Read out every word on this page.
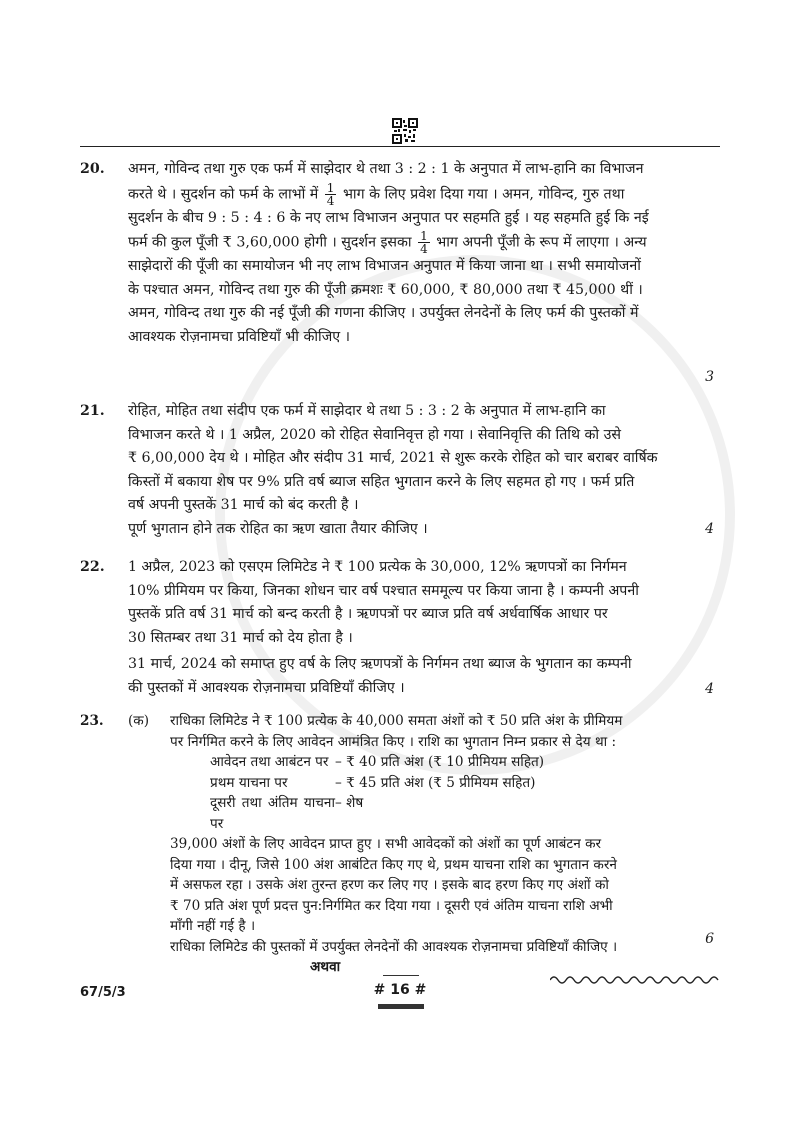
20. अमन, गोविन्द तथा गुरु एक फर्म में साझेदार थे तथा 3 : 2 : 1 के अनुपात में लाभ-हानि का विभाजन
करते थे । सुदर्शन को फर्म के लाभों में $\frac{1}{4}$ भाग के लिए प्रवेश दिया गया । अमन, गोविन्द, गुरु तथा
सुदर्शन के बीच 9 : 5 : 4 : 6 के नए लाभ विभाजन अनुपात पर सहमति हुई । यह सहमति हुई कि नई
फर्म की कुल पूँजी ₹ 3,60,000 होगी । सुदर्शन इसका $\frac{1}{4}$ भाग अपनी पूँजी के रूप में लाएगा । अन्य
साझेदारों की पूँजी का समायोजन भी नए लाभ विभाजन अनुपात में किया जाना था । सभी समायोजनों
के पश्चात अमन, गोविन्द तथा गुरु की पूँजी क्रमशः ₹ 60,000, ₹ 80,000 तथा ₹ 45,000 थीं ।
अमन, गोविन्द तथा गुरु की नई पूँजी की गणना कीजिए । उपर्युक्त लेनदेनों के लिए फर्म की पुस्तकों में
आवश्यक रोज़नामचा प्रविष्टियाँ भी कीजिए ।
3
21. रोहित, मोहित तथा संदीप एक फर्म में साझेदार थे तथा 5 : 3 : 2 के अनुपात में लाभ-हानि का
विभाजन करते थे । 1 अप्रैल, 2020 को रोहित सेवानिवृत्त हो गया । सेवानिवृत्ति की तिथि को उसे
₹ 6,00,000 देय थे । मोहित और संदीप 31 मार्च, 2021 से शुरू करके रोहित को चार बराबर वार्षिक
किस्तों में बकाया शेष पर 9% प्रति वर्ष ब्याज सहित भुगतान करने के लिए सहमत हो गए । फर्म प्रति
वर्ष अपनी पुस्तकें 31 मार्च को बंद करती है ।
पूर्ण भुगतान होने तक रोहित का ऋण खाता तैयार कीजिए ।	4
22. 1 अप्रैल, 2023 को एसएम लिमिटेड ने ₹ 100 प्रत्येक के 30,000, 12% ऋणपत्रों का निर्गमन
10% प्रीमियम पर किया, जिनका शोधन चार वर्ष पश्चात सममूल्य पर किया जाना है । कम्पनी अपनी
पुस्तकें प्रति वर्ष 31 मार्च को बन्द करती है । ऋणपत्रों पर ब्याज प्रति वर्ष अर्धवार्षिक आधार पर
30 सितम्बर तथा 31 मार्च को देय होता है ।
31 मार्च, 2024 को समाप्त हुए वर्ष के लिए ऋणपत्रों के निर्गमन तथा ब्याज के भुगतान का कम्पनी
की पुस्तकों में आवश्यक रोज़नामचा प्रविष्टियाँ कीजिए ।	4
23. (क) राधिका लिमिटेड ने ₹ 100 प्रत्येक के 40,000 समता अंशों को ₹ 50 प्रति अंश के प्रीमियम
पर निर्गमित करने के लिए आवेदन आमंत्रित किए । राशि का भुगतान निम्न प्रकार से देय था :
आवेदन तथा आबंटन पर – ₹ 40 प्रति अंश (₹ 10 प्रीमियम सहित)
प्रथम याचना पर	– ₹ 45 प्रति अंश (₹ 5 प्रीमियम सहित)
दूसरी तथा अंतिम याचना पर
– शेष
39,000 अंशों के लिए आवेदन प्राप्त हुए । सभी आवेदकों को अंशों का पूर्ण आबंटन कर
दिया गया । दीनू, जिसे 100 अंश आबंटित किए गए थे, प्रथम याचना राशि का भुगतान करने
में असफल रहा । उसके अंश तुरन्त हरण कर लिए गए । इसके बाद हरण किए गए अंशों को
₹ 70 प्रति अंश पूर्ण प्रदत्त पुन:निर्गमित कर दिया गया । दूसरी एवं अंतिम याचना राशि अभी
माँगी नहीं गई है ।
राधिका लिमिटेड की पुस्तकों में उपर्युक्त लेनदेनों की आवश्यक रोज़नामचा प्रविष्टियाँ कीजिए ।
अथवा
6
67/5/3	# 16 #
